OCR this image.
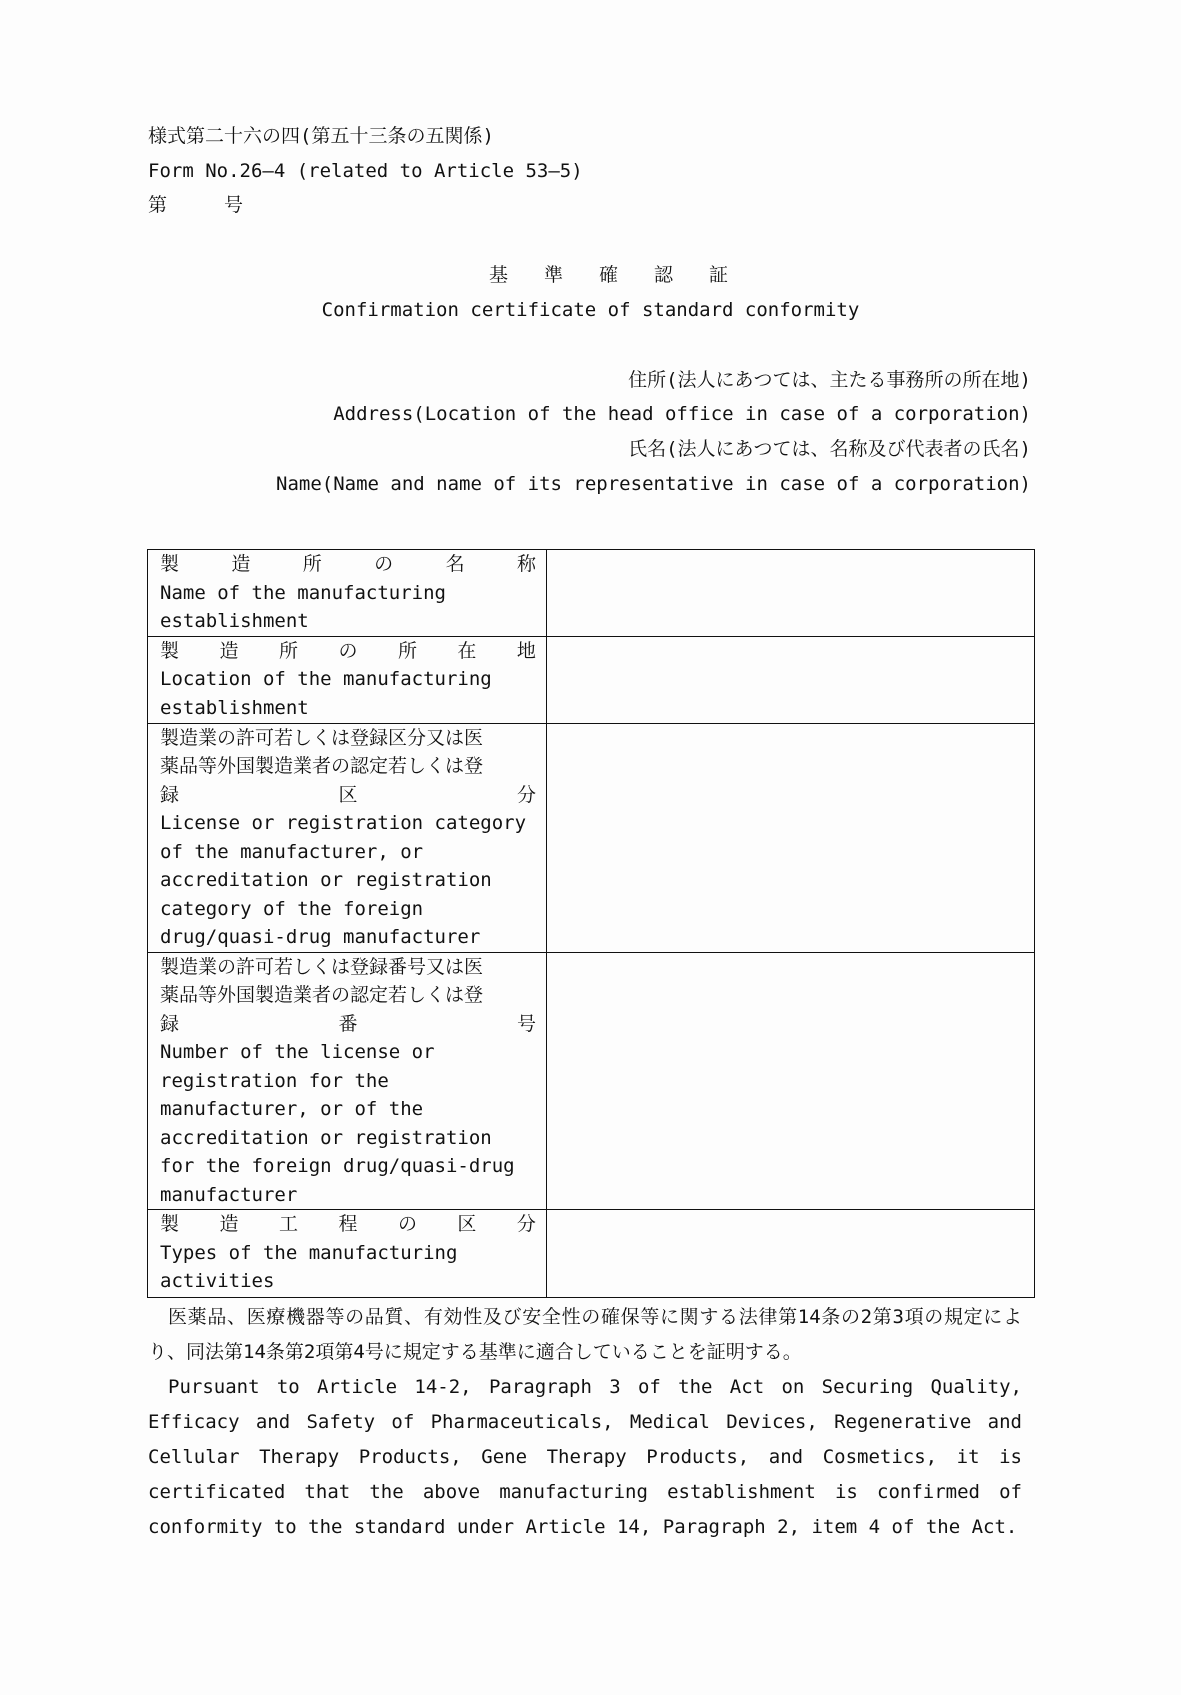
様式第二十六の四(第五十三条の五関係)
Form No.26—4 (related to Article 53—5)
第　　　号
基準確認証
Confirmation certificate of standard conformity
住所(法人にあつては、主たる事務所の所在地)
Address(Location of the head office in case of a corporation)
氏名(法人にあつては、名称及び代表者の氏名)
Name(Name and name of its representative in case of a corporation)
製	造	所	の	名	称
Name of the manufacturing establishment

製 造 所 の 所 在 地
Location of the manufacturing establishment

製造業の許可若しくは登録区分又は医
薬品等外国製造業者の認定若しくは登
録	区	分
License or registration category of the manufacturer, or accreditation or registration category of the foreign drug/quasi-drug manufacturer

製造業の許可若しくは登録番号又は医
薬品等外国製造業者の認定若しくは登
録	番	号
Number of the license or registration for the manufacturer, or of the accreditation or registration for the foreign drug/quasi-drug manufacturer

製 造 工 程 の 区 分
Types of the manufacturing activities

医薬品、医療機器等の品質、有効性及び安全性の確保等に関する法律第14条の2第3項の規定により、同法第14条第2項第4号に規定する基準に適合していることを証明する。

Pursuant to Article 14-2, Paragraph 3 of the Act on Securing Quality, Efficacy and Safety of Pharmaceuticals, Medical Devices, Regenerative and Cellular Therapy Products, Gene Therapy Products, and Cosmetics, it is certificated that the above manufacturing establishment is confirmed of conformity to the standard under Article 14, Paragraph 2, item 4 of the Act.
